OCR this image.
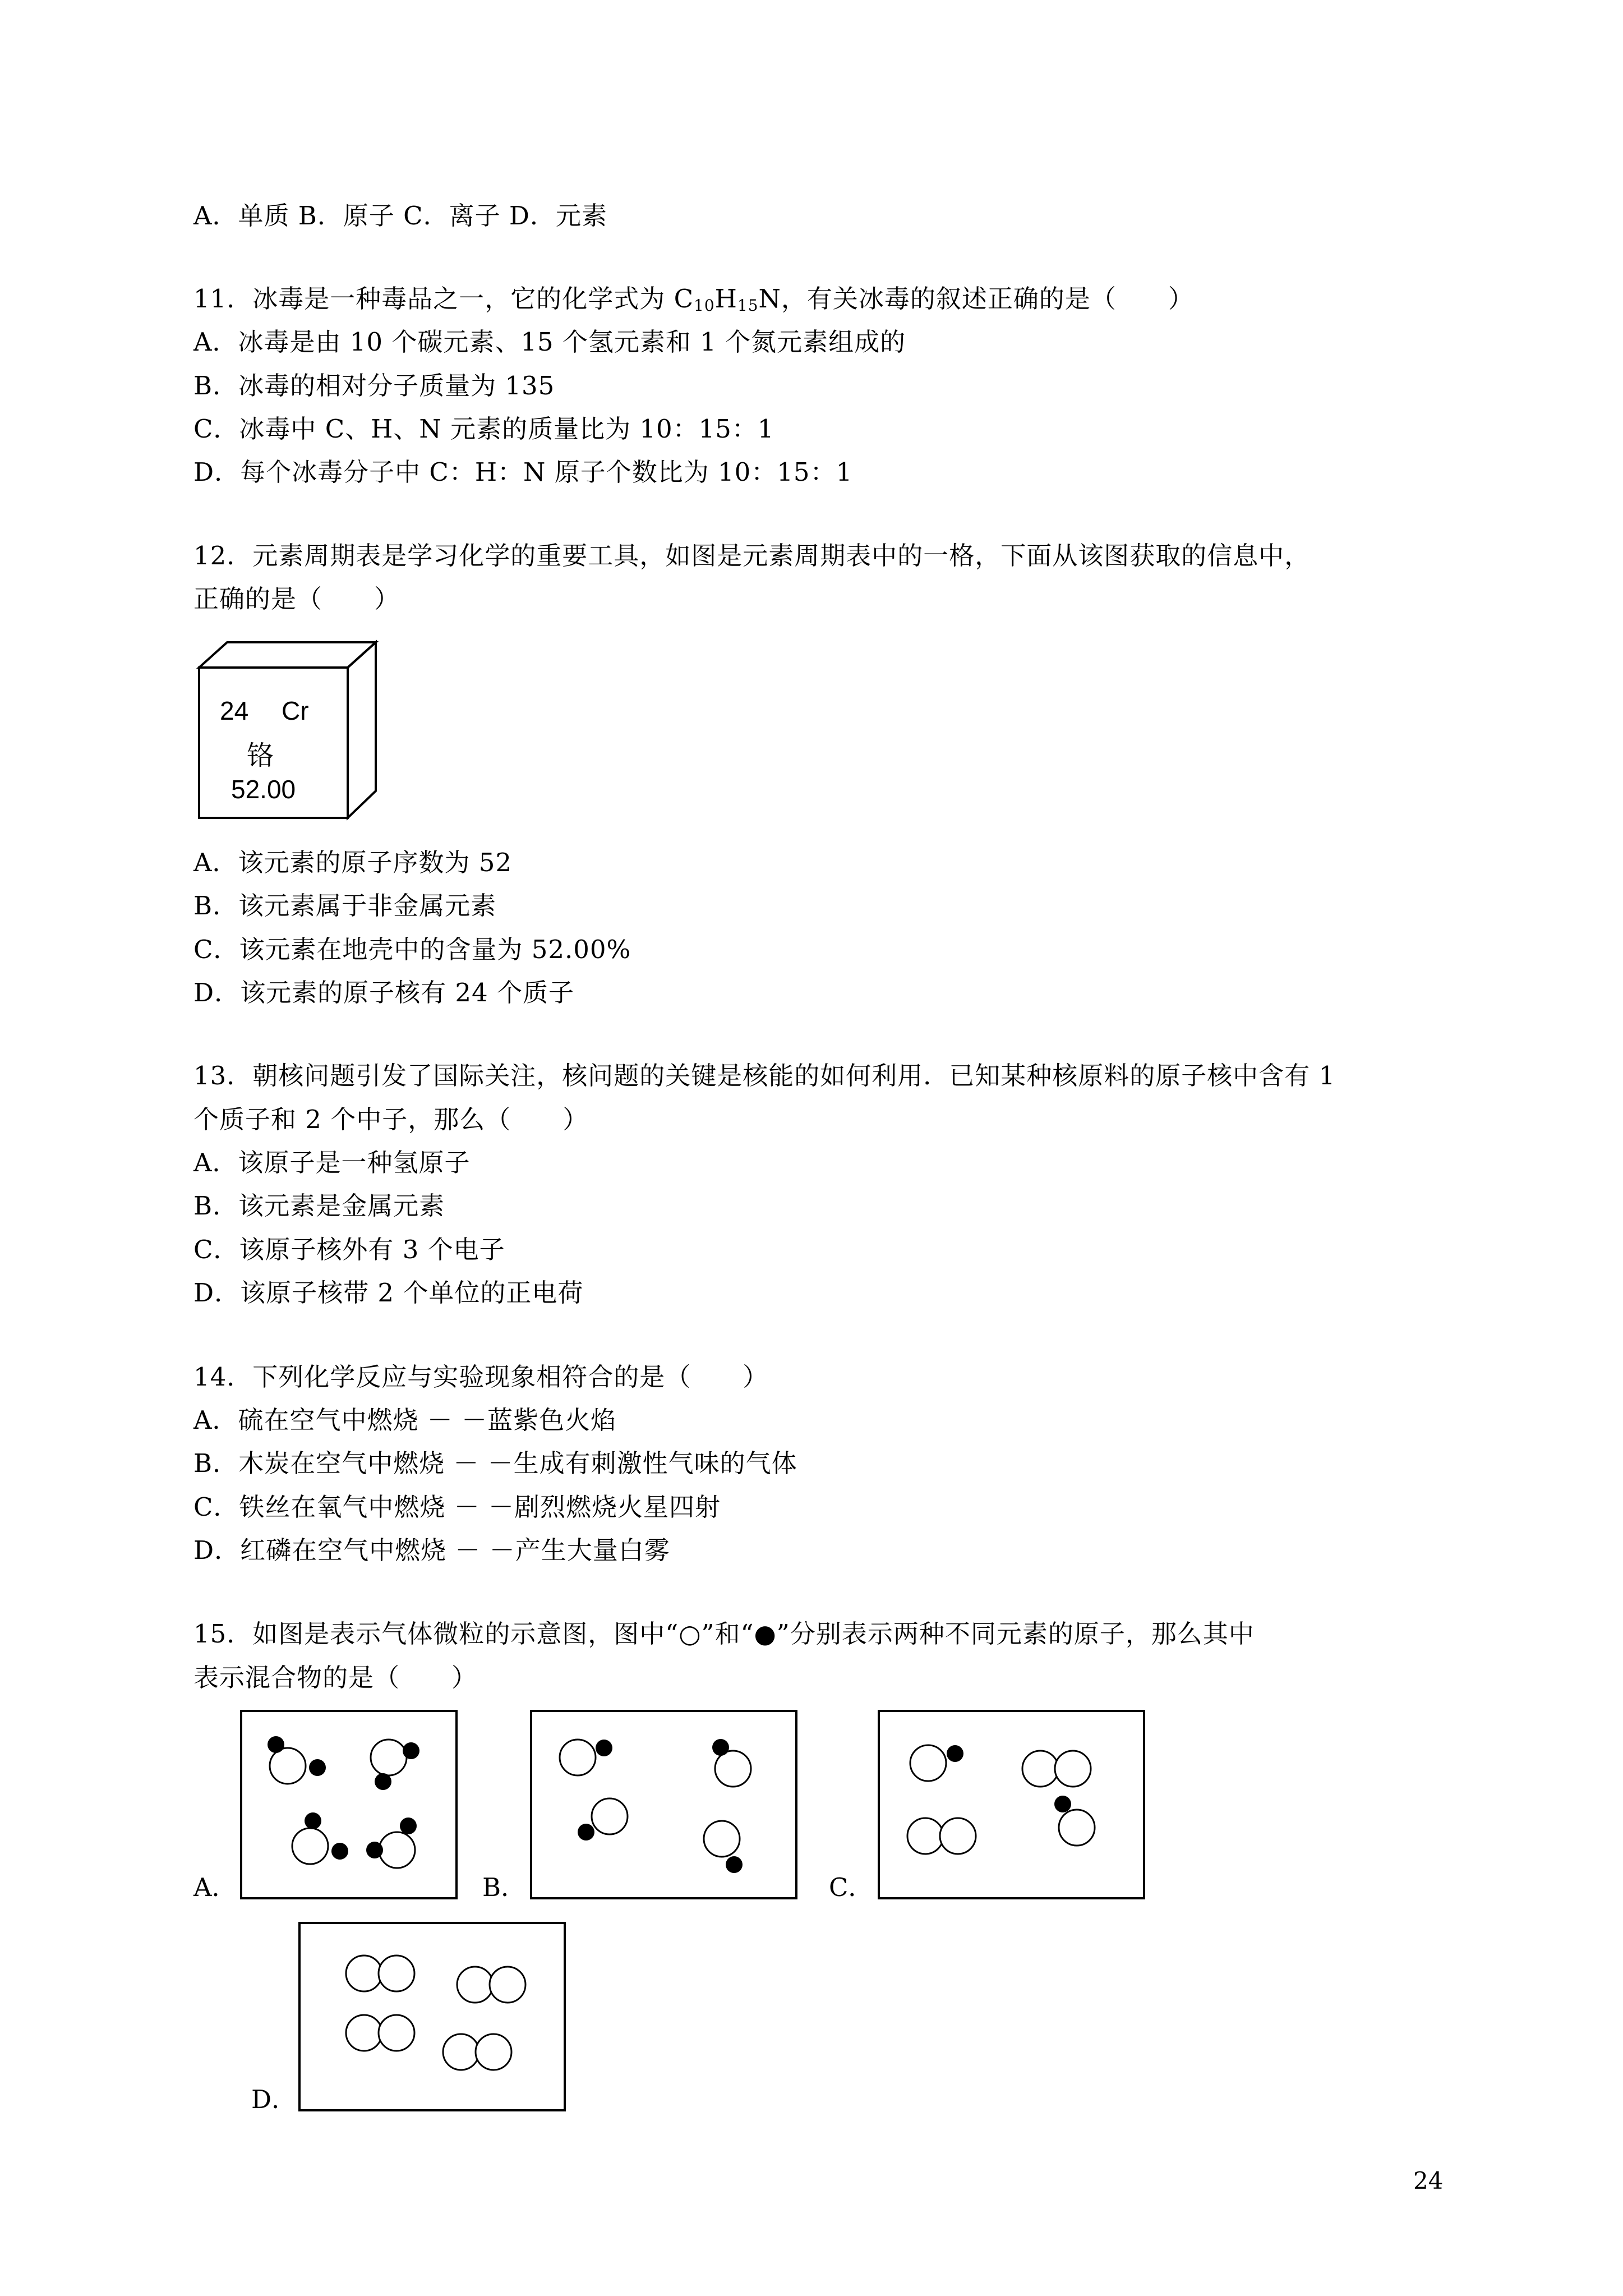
A．单质 B．原子 C．离子 D．元素
11．冰毒是一种毒品之一，它的化学式为 $C_{10}H_{15}N$，有关冰毒的叙述正确的是（　　）
A．冰毒是由 10 个碳元素、15 个氢元素和 1 个氮元素组成的
B．冰毒的相对分子质量为 135
C．冰毒中 C、H、N 元素的质量比为 10：15：1
D．每个冰毒分子中 C：H：N 原子个数比为 10：15：1
12．元素周期表是学习化学的重要工具，如图是元素周期表中的一格，下面从该图获取的信息中，
正确的是（　　）
24 Cr
铬
52.00
A．该元素的原子序数为 52
B．该元素属于非金属元素
C．该元素在地壳中的含量为 52.00%
D．该元素的原子核有 24 个质子
13．朝核问题引发了国际关注，核问题的关键是核能的如何利用．已知某种核原料的原子核中含有 1
个质子和 2 个中子，那么（　　）
A．该原子是一种氢原子
B．该元素是金属元素
C．该原子核外有 3 个电子
D．该原子核带 2 个单位的正电荷
14．下列化学反应与实验现象相符合的是（　　）
A．硫在空气中燃烧 － －蓝紫色火焰
B．木炭在空气中燃烧 － －生成有刺激性气味的气体
C．铁丝在氧气中燃烧 － －剧烈燃烧火星四射
D．红磷在空气中燃烧 － －产生大量白雾
15．如图是表示气体微粒的示意图，图中“○”和“●”分别表示两种不同元素的原子，那么其中
表示混合物的是（　　）
A．	B．	C．
D．
24
